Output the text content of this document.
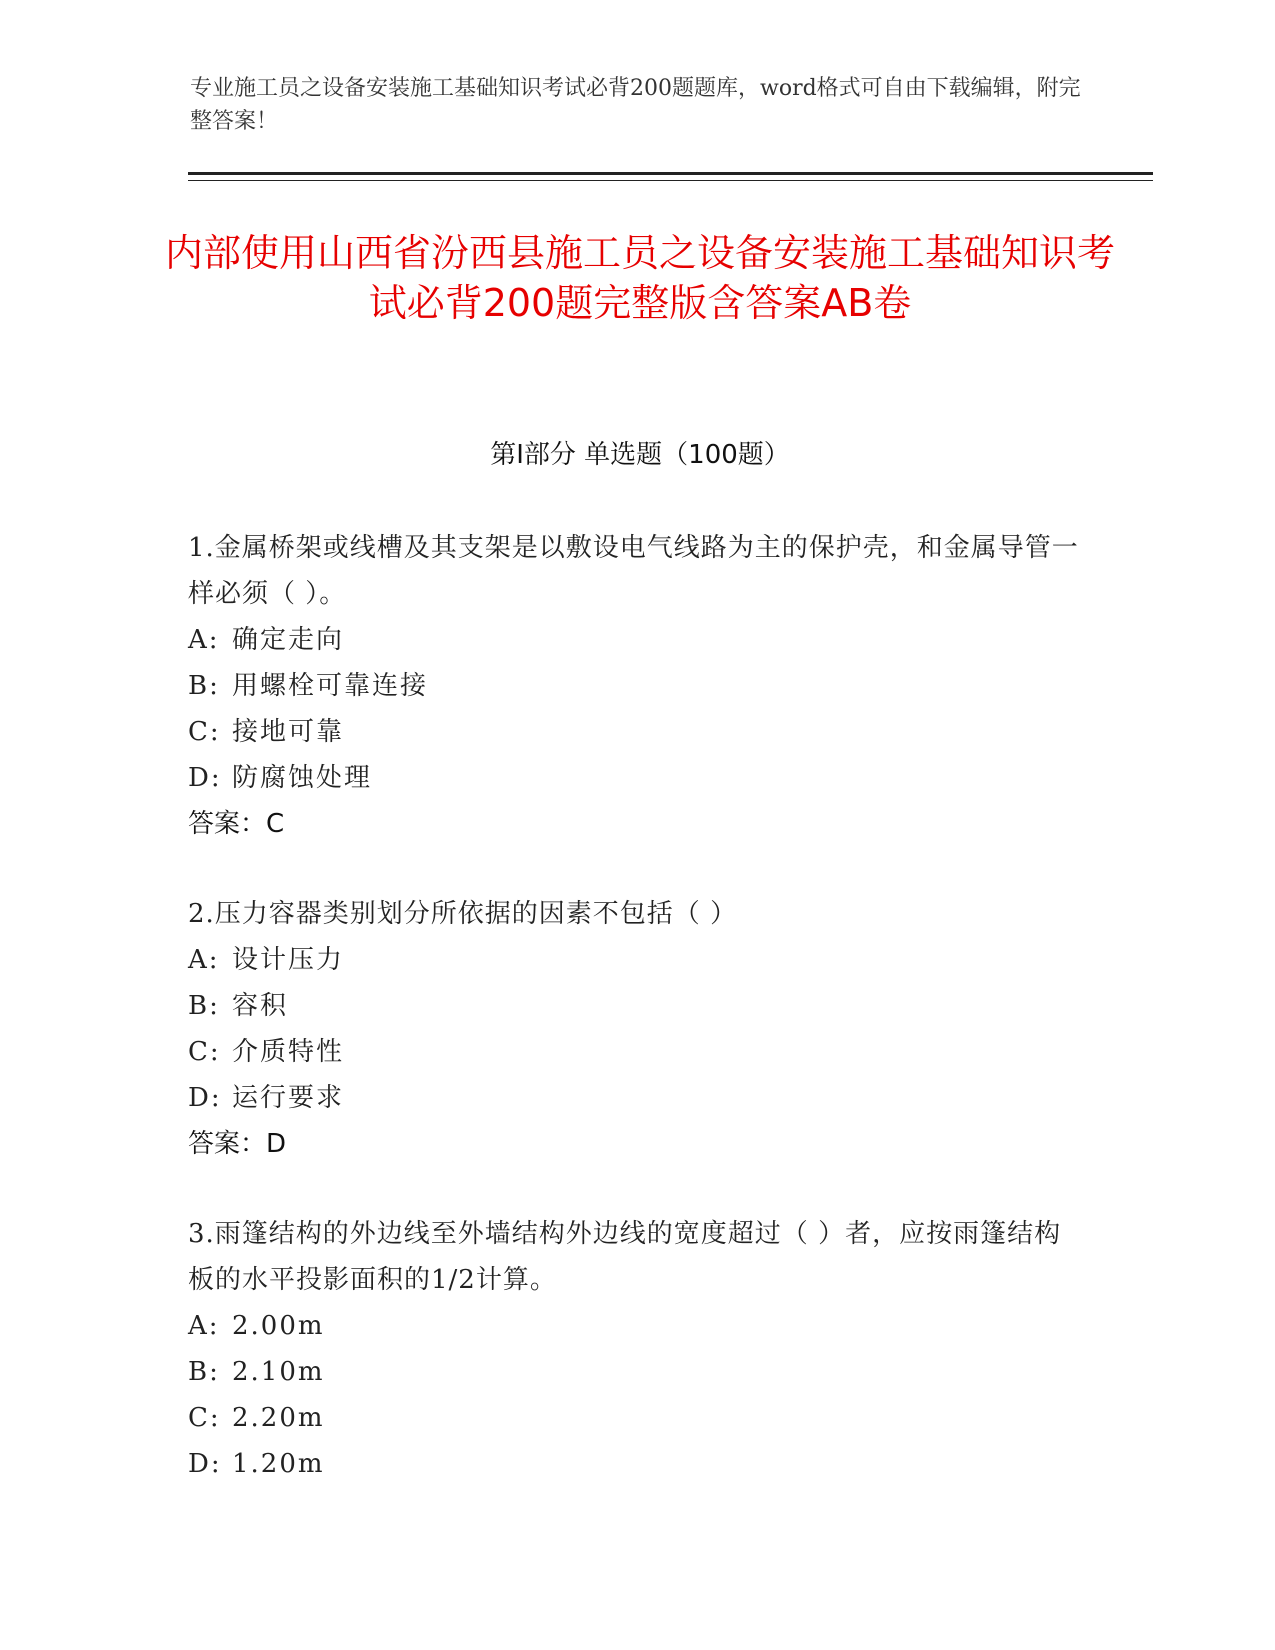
专业施工员之设备安装施工基础知识考试必背200题题库，word格式可自由下载编辑，附完整答案！
内部使用山西省汾西县施工员之设备安装施工基础知识考试必背200题完整版含答案AB卷
第Ⅰ部分 单选题（100题）
1.金属桥架或线槽及其支架是以敷设电气线路为主的保护壳，和金属导管一样必须（ ）。
A: 确定走向
B: 用螺栓可靠连接
C: 接地可靠
D: 防腐蚀处理
答案：C
2.压力容器类别划分所依据的因素不包括（ ）
A: 设计压力
B: 容积
C: 介质特性
D: 运行要求
答案：D
3.雨篷结构的外边线至外墙结构外边线的宽度超过（ ）者，应按雨篷结构板的水平投影面积的1/2计算。
A: 2.00m
B: 2.10m
C: 2.20m
D: 1.20m
